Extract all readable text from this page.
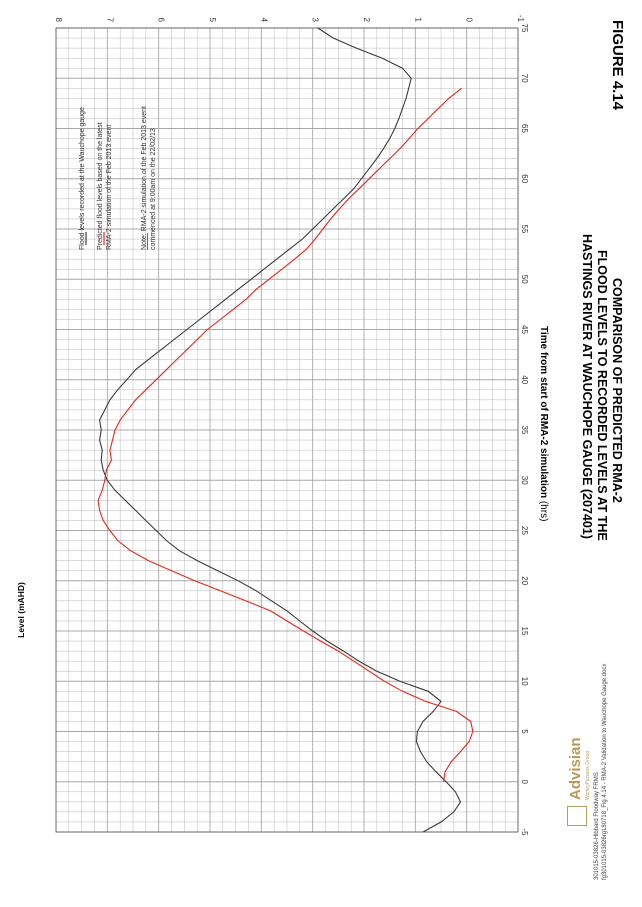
FIGURE 4.14
COMPARISON OF PREDICTED RMA-2
FLOOD LEVELS TO RECORDED LEVELS AT THE
HASTINGS RIVER AT WAUCHOPE GAUGE (207401)
Time from start of RMA-2 simulation (hrs)
-5
0
5
10
15
20
25
30
35
40
45
50
55
60
65
70
75
-1
0
1
2
3
4
5
6
7
8
Level (mAHD)
Flood levels recorded at the Wauchope gauge Predicted flood levels based on the latest RMA-2 simulation of the Feb 2013 event	Note: RMA-2 simulation of the Feb 2013 event commenced at 9:00am on the 22/02/13
Advisian WorleyParsons Group 301015-03826-Hibbard Floodway FRMS fg301015-03826rg180718_Fig 4.14 - RMA-2 Validation to Wauchope Gauge.docx
